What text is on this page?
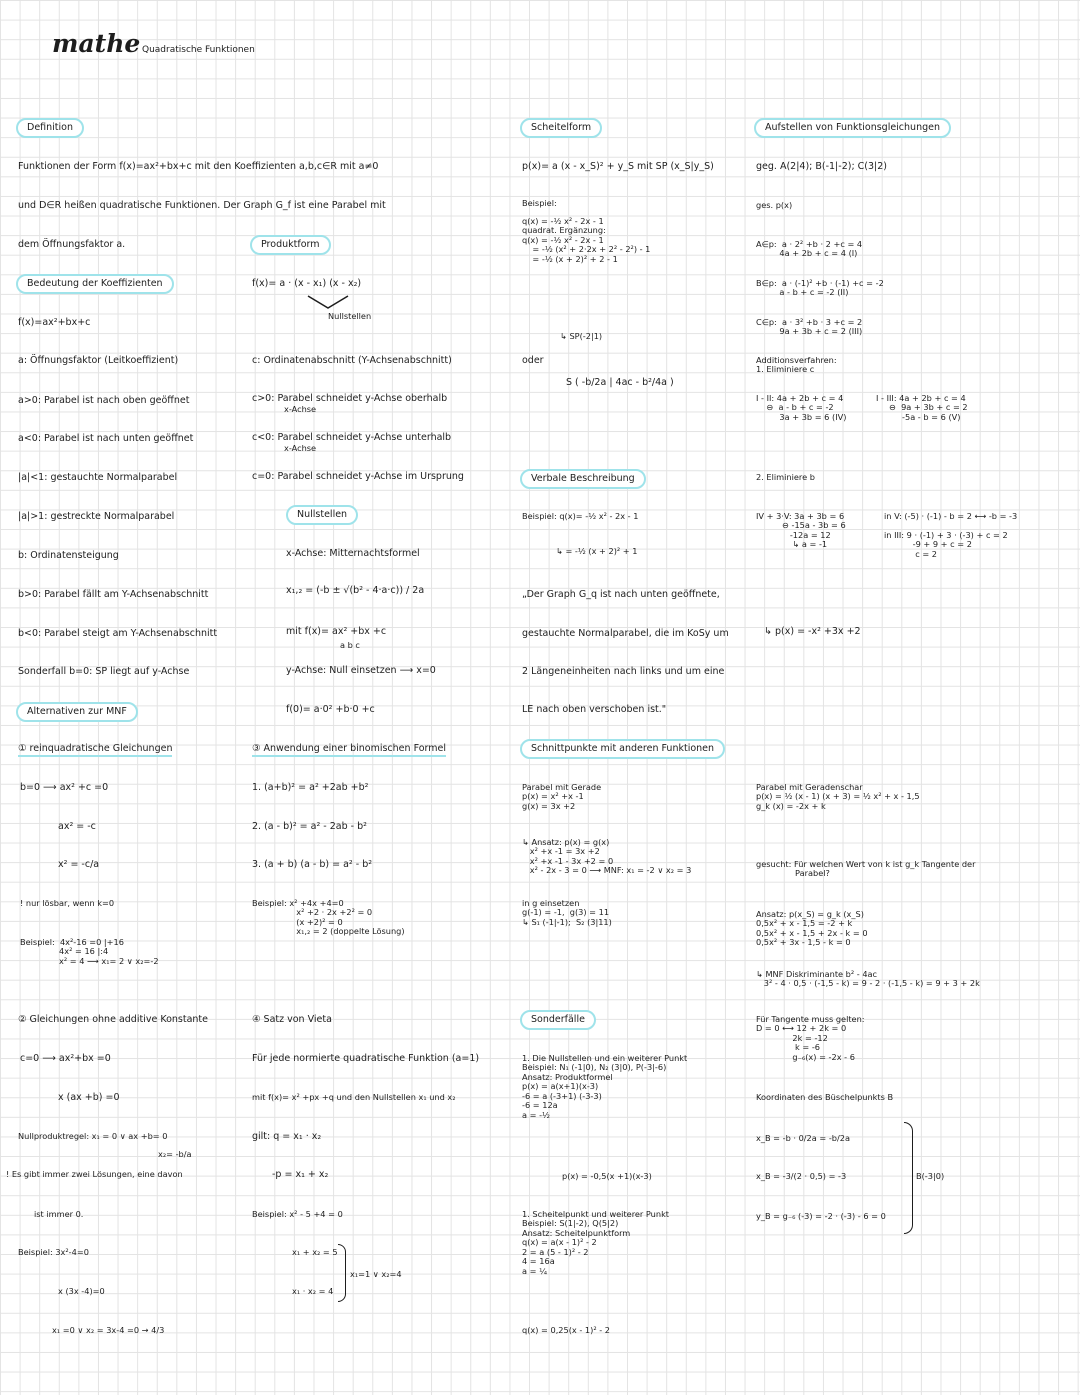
mathe Quadratische Funktionen
Definition
Funktionen der Form f(x)=ax²+bx+c mit den Koeffizienten a,b,c∈R mit a≠0
und D∈R heißen quadratische Funktionen. Der Graph G_f ist eine Parabel mit
dem Öffnungsfaktor a.
Bedeutung der Koeffizienten
f(x)=ax²+bx+c
a: Öffnungsfaktor (Leitkoeffizient)
a>0: Parabel ist nach oben geöffnet
a<0: Parabel ist nach unten geöffnet
|a|<1: gestauchte Normalparabel
|a|>1: gestreckte Normalparabel
b: Ordinatensteigung
b>0: Parabel fällt am Y-Achsenabschnitt
b<0: Parabel steigt am Y-Achsenabschnitt
Sonderfall b=0: SP liegt auf y-Achse
Alternativen zur MNF
① reinquadratische Gleichungen
b=0 ⟶ ax² +c =0
ax² = -c
x² = -c/a
! nur lösbar, wenn k=0
Beispiel:  4x²-16 =0 |+16
4x² = 16 |:4
x² = 4 ⟶ x₁= 2 ∨ x₂=-2
② Gleichungen ohne additive Konstante
c=0 ⟶ ax²+bx =0
x (ax +b) =0
Nullproduktregel: x₁ = 0 ∨ ax +b= 0
x₂= -b/a
! Es gibt immer zwei Lösungen, eine davon
ist immer 0.
Beispiel: 3x²-4=0
x (3x -4)=0
x₁ =0 ∨ x₂ = 3x-4 =0 → 4/3
Produktform
f(x)= a · (x - x₁) (x - x₂)
Nullstellen
c: Ordinatenabschnitt (Y-Achsenabschnitt)
c>0: Parabel schneidet y-Achse oberhalb
x-Achse
c<0: Parabel schneidet y-Achse unterhalb
x-Achse
c=0: Parabel schneidet y-Achse im Ursprung
Nullstellen
x-Achse: Mitternachtsformel
x₁,₂ = (-b ± √(b² - 4·a·c)) / 2a
mit f(x)= ax² +bx +c
a b c
y-Achse: Null einsetzen ⟶ x=0
f(0)= a·0² +b·0 +c
③ Anwendung einer binomischen Formel
1. (a+b)² = a² +2ab +b²
2. (a - b)² = a² - 2ab - b²
3. (a + b) (a - b) = a² - b²
Beispiel: x² +4x +4=0
x² +2 · 2x +2² = 0
(x +2)² = 0
x₁,₂ = 2 (doppelte Lösung)
④ Satz von Vieta
Für jede normierte quadratische Funktion (a=1)
mit f(x)= x² +px +q und den Nullstellen x₁ und x₂
gilt: q = x₁ · x₂
-p = x₁ + x₂
Beispiel: x² - 5 +4 = 0
x₁ + x₂ = 5
x₁ · x₂ = 4
x₁=1 ∨ x₂=4
Scheitelform
p(x)= a (x - x_S)² + y_S mit SP (x_S|y_S)
Beispiel:
q(x) = -½ x² - 2x - 1
quadrat. Ergänzung:
q(x) = -½ x² - 2x - 1
= -½ (x² + 2·2x + 2² - 2²) - 1
= -½ (x + 2)² + 2 - 1
↳ SP(-2|1)
oder
S ( -b/2a | 4ac - b²/4a )
Verbale Beschreibung
Beispiel: q(x)= -½ x² - 2x - 1
↳ = -½ (x + 2)² + 1
„Der Graph G_q ist nach unten geöffnete,
gestauchte Normalparabel, die im KoSy um
2 Längeneinheiten nach links und um eine
LE nach oben verschoben ist."
Schnittpunkte mit anderen Funktionen
Parabel mit Gerade
p(x) = x² +x -1
g(x) = 3x +2
↳ Ansatz: p(x) = g(x)
x² +x -1 = 3x +2
x² +x -1 - 3x +2 = 0
x² - 2x - 3 = 0 ⟶ MNF: x₁ = -2 ∨ x₂ = 3
in g einsetzen
g(-1) = -1,  g(3) = 11
↳ S₁ (-1|-1);  S₂ (3|11)
Sonderfälle
1. Die Nullstellen und ein weiterer Punkt
Beispiel: N₁ (-1|0), N₂ (3|0), P(-3|-6)
Ansatz: Produktformel
p(x) = a(x+1)(x-3)
-6 = a (-3+1) (-3-3)
-6 = 12a
a = -½
p(x) = -0,5(x +1)(x-3)
1. Scheitelpunkt und weiterer Punkt
Beispiel: S(1|-2), Q(5|2)
Ansatz: Scheitelpunktform
q(x) = a(x - 1)² - 2
2 = a (5 - 1)² - 2
4 = 16a
a = ¼
q(x) = 0,25(x - 1)² - 2
Aufstellen von Funktionsgleichungen
geg. A(2|4); B(-1|-2); C(3|2)
ges. p(x)
A∈p:  a · 2² +b · 2 +c = 4
4a + 2b + c = 4 (I)
B∈p:  a · (-1)² +b · (-1) +c = -2
a - b + c = -2 (II)
C∈p:  a · 3² +b · 3 +c = 2
9a + 3b + c = 2 (III)
Additionsverfahren:
1. Eliminiere c
I - II: 4a + 2b + c = 4
⊖  a - b + c = -2
3a + 3b = 6 (IV)
I - III: 4a + 2b + c = 4
⊖  9a + 3b + c = 2
-5a - b = 6 (V)
2. Eliminiere b
IV + 3·V: 3a + 3b = 6
⊖ -15a - 3b = 6
-12a = 12
↳ a = -1
in V: (-5) · (-1) - b = 2 ⟷ -b = -3

in III: 9 · (-1) + 3 · (-3) + c = 2
-9 + 9 + c = 2
c = 2
↳ p(x) = -x² +3x +2
Parabel mit Geradenschar
p(x) = ½ (x - 1) (x + 3) = ½ x² + x - 1,5
g_k (x) = -2x + k
gesucht: Für welchen Wert von k ist g_k Tangente der
Parabel?
Ansatz: p(x_S) = g_k (x_S)
0,5x² + x - 1,5 = -2 + k
0,5x² + x - 1,5 + 2x - k = 0
0,5x² + 3x - 1,5 - k = 0
↳ MNF Diskriminante b² - 4ac
3² - 4 · 0,5 · (-1,5 - k) = 9 - 2 · (-1,5 - k) = 9 + 3 + 2k
Für Tangente muss gelten:
D = 0 ⟷ 12 + 2k = 0
2k = -12
k = -6
g₋₆(x) = -2x - 6
Koordinaten des Büschelpunkts B
x_B = -b · 0/2a = -b/2a
x_B = -3/(2 · 0,5) = -3
y_B = g₋₆ (-3) = -2 · (-3) - 6 = 0
B(-3|0)
